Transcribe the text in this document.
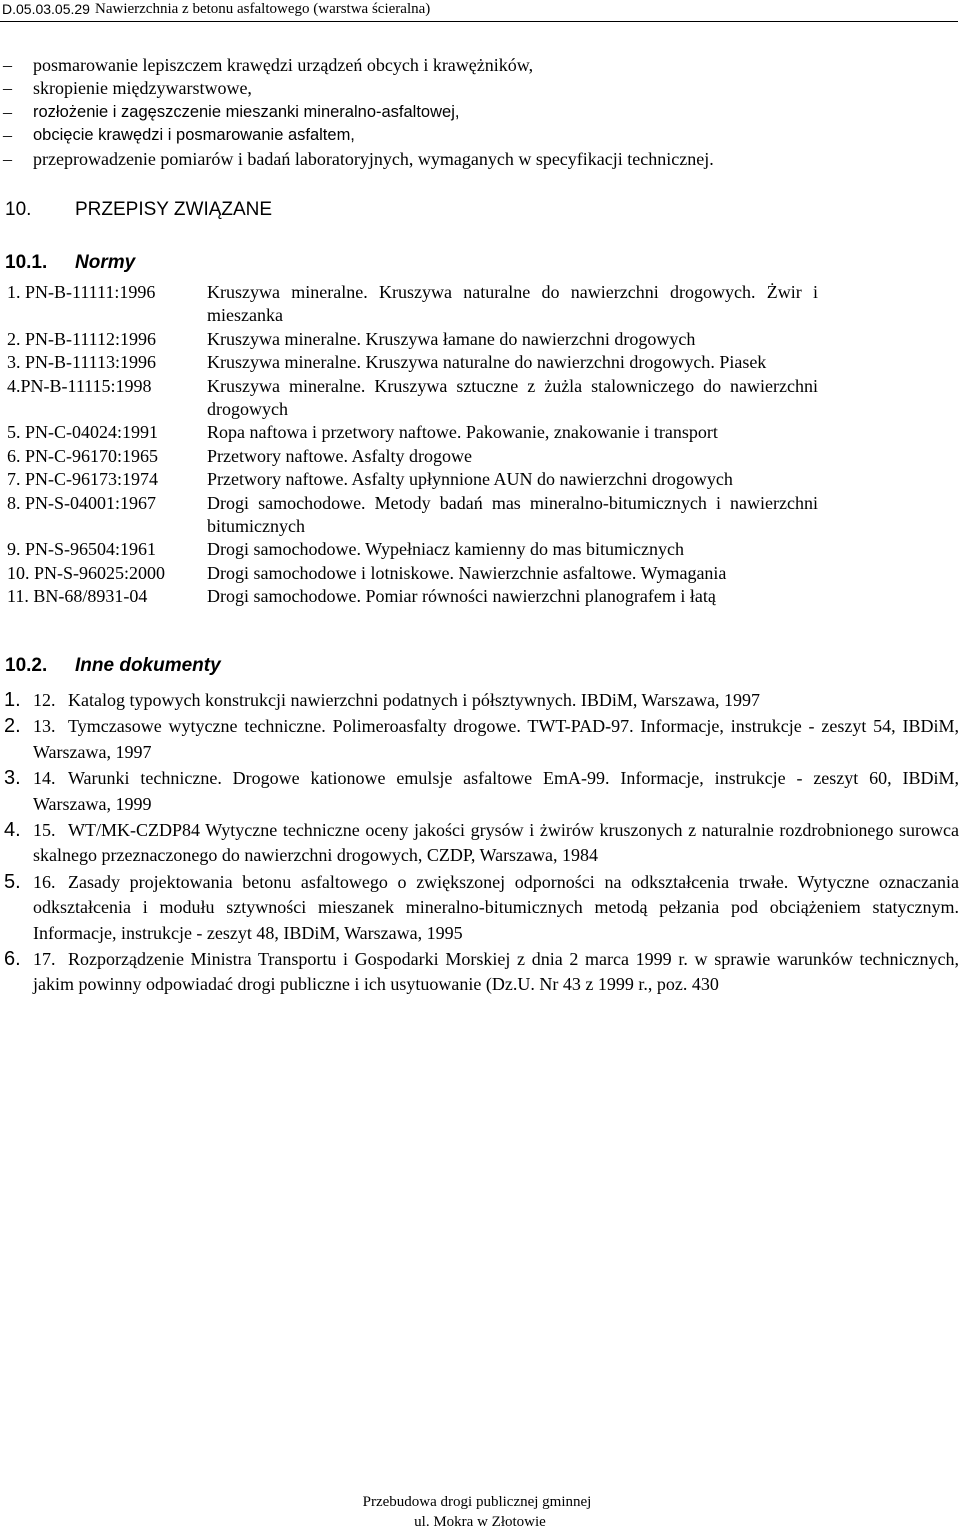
D.05.03.05.29 Nawierzchnia z betonu asfaltowego (warstwa ścieralna)
– posmarowanie lepiszczem krawędzi urządzeń obcych i krawężników,
– skropienie międzywarstwowe,
– rozłożenie i zagęszczenie mieszanki mineralno-asfaltowej,
– obcięcie krawędzi i posmarowanie asfaltem,
– przeprowadzenie pomiarów i badań laboratoryjnych, wymaganych w specyfikacji technicznej.
10. PRZEPISY ZWIĄZANE
10.1. Normy
1. PN-B-11111:1996	Kruszywa mineralne. Kruszywa naturalne do nawierzchni drogowych. Żwir i mieszanka
2. PN-B-11112:1996	Kruszywa mineralne. Kruszywa łamane do nawierzchni drogowych
3. PN-B-11113:1996	Kruszywa mineralne. Kruszywa naturalne do nawierzchni drogowych. Piasek
4.PN-B-11115:1998	Kruszywa mineralne. Kruszywa sztuczne z żużla stalowniczego do nawierzchni drogowych
5. PN-C-04024:1991	Ropa naftowa i przetwory naftowe. Pakowanie, znakowanie i transport
6. PN-C-96170:1965	Przetwory naftowe. Asfalty drogowe
7. PN-C-96173:1974	Przetwory naftowe. Asfalty upłynnione AUN do nawierzchni drogowych
8. PN-S-04001:1967	Drogi samochodowe. Metody badań mas mineralno-bitumicznych i nawierzchni bitumicznych
9. PN-S-96504:1961	Drogi samochodowe. Wypełniacz kamienny do mas bitumicznych
10. PN-S-96025:2000 Drogi samochodowe i lotniskowe. Nawierzchnie asfaltowe. Wymagania
11. BN-68/8931-04	Drogi samochodowe. Pomiar równości nawierzchni planografem i łatą
10.2. Inne dokumenty
1. 12. Katalog typowych konstrukcji nawierzchni podatnych i półsztywnych. IBDiM, Warszawa, 1997
2. 13. Tymczasowe wytyczne techniczne. Polimeroasfalty drogowe. TWT-PAD-97. Informacje, instrukcje - zeszyt 54, IBDiM, Warszawa, 1997
3. 14. Warunki techniczne. Drogowe kationowe emulsje asfaltowe EmA-99. Informacje, instrukcje - zeszyt 60, IBDiM, Warszawa, 1999
4. 15. WT/MK-CZDP84 Wytyczne techniczne oceny jakości grysów i żwirów kruszonych z naturalnie rozdrobnionego surowca skalnego przeznaczonego do nawierzchni drogowych, CZDP, Warszawa, 1984
5. 16. Zasady projektowania betonu asfaltowego o zwiększonej odporności na odkształcenia trwałe. Wytyczne oznaczania odkształcenia i modułu sztywności mieszanek mineralno-bitumicznych metodą pełzania pod obciążeniem statycznym. Informacje, instrukcje - zeszyt 48, IBDiM, Warszawa, 1995
6. 17. Rozporządzenie Ministra Transportu i Gospodarki Morskiej z dnia 2 marca 1999 r. w sprawie warunków technicznych, jakim powinny odpowiadać drogi publiczne i ich usytuowanie (Dz.U. Nr 43 z 1999 r., poz. 430
Przebudowa drogi publicznej gminnej
ul. Mokra w Złotowie
